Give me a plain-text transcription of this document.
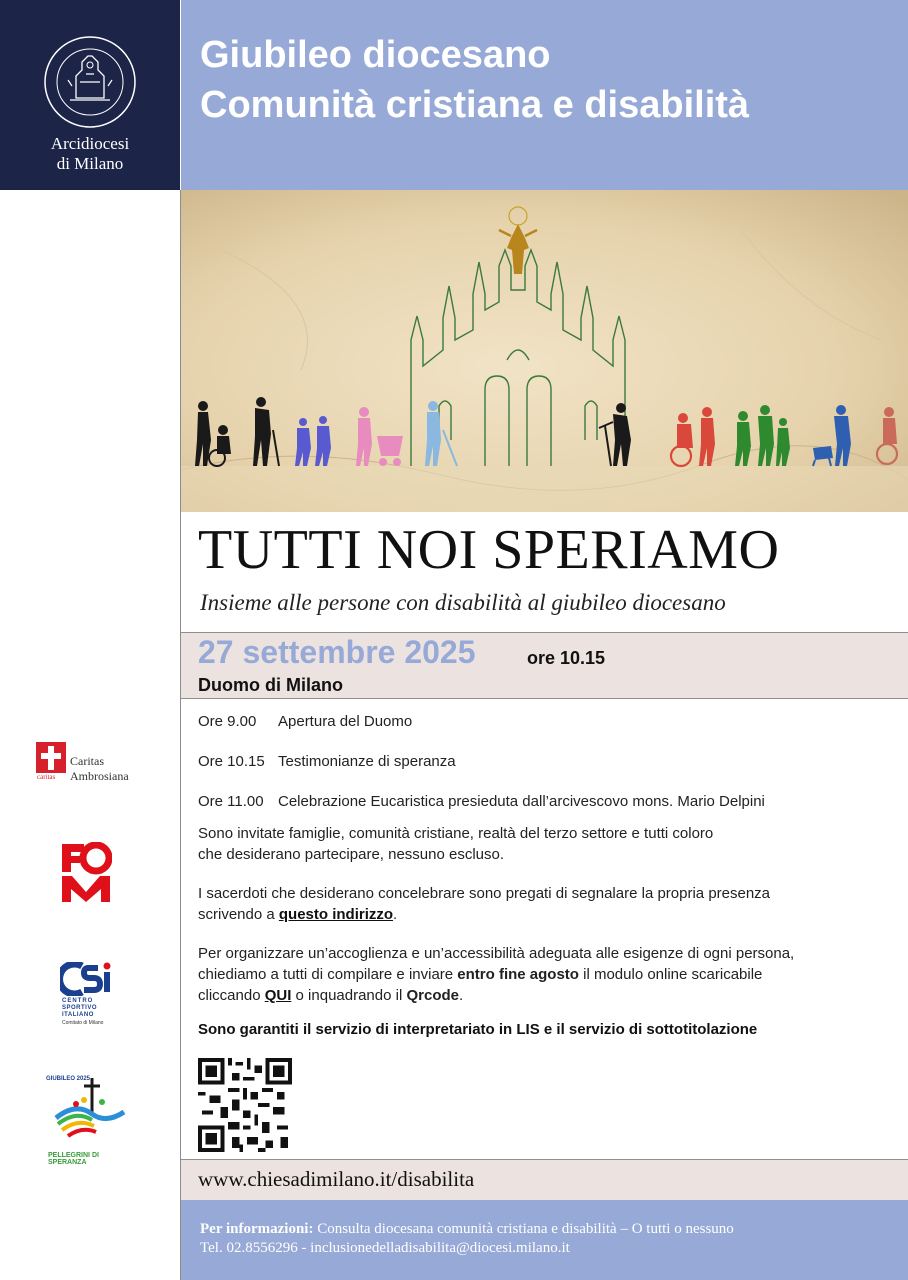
Arcidiocesi
di Milano
Giubileo diocesano
Comunità cristiana e disabilità
TUTTI NOI SPERIAMO
Insieme alle persone con disabilità al giubileo diocesano
27 settembre 2025	ore 10.15
Duomo di Milano
Ore 9.00 Apertura del Duomo
Ore 10.15 Testimonianze di speranza
Ore 11.00 Celebrazione Eucaristica presieduta dall’arcivescovo mons. Mario Delpini
Sono invitate famiglie, comunità cristiane, realtà del terzo settore e tutti coloro
che desiderano partecipare, nessuno escluso.
I sacerdoti che desiderano concelebrare sono pregati di segnalare la propria presenza
scrivendo a questo indirizzo.
Per organizzare un’accoglienza e un’accessibilità adeguata alle esigenze di ogni persona,
chiediamo a tutti di compilare e inviare entro fine agosto il modulo online scaricabile
cliccando QUI o inquadrando il Qrcode.
Sono garantiti il servizio di interpretariato in LIS e il servizio di sottotitolazione
www.chiesadimilano.it/disabilita
Per informazioni: Consulta diocesana comunità cristiana e disabilità – O tutti o nessuno
Tel. 02.8556296 - inclusionedelladisabilita@diocesi.milano.it
caritas
Caritas
Ambrosiana
CENTRO
SPORTIVO
ITALIANO
Comitato di Milano
GIUBILEO 2025
PELLEGRINI DI SPERANZA
